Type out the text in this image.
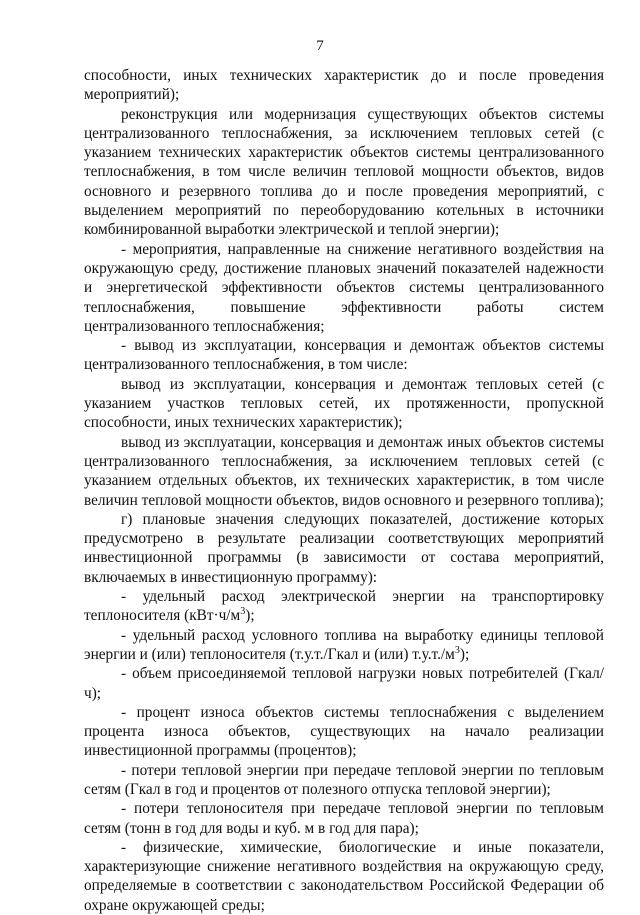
7

способности, иных технических характеристик до и после проведения мероприятий);

реконструкция или модернизация существующих объектов системы централизованного теплоснабжения, за исключением тепловых сетей (с указанием технических характеристик объектов системы централизованного теплоснабжения, в том числе величин тепловой мощности объектов, видов основного и резервного топлива до и после проведения мероприятий, с выделением мероприятий по переоборудованию котельных в источники комбинированной выработки электрической и теплой энергии);

- мероприятия, направленные на снижение негативного воздействия на окружающую среду, достижение плановых значений показателей надежности и энергетической эффективности объектов системы централизованного теплоснабжения, повышение эффективности работы систем централизованного теплоснабжения;

- вывод из эксплуатации, консервация и демонтаж объектов системы централизованного теплоснабжения, в том числе:

вывод из эксплуатации, консервация и демонтаж тепловых сетей (с указанием участков тепловых сетей, их протяженности, пропускной способности, иных технических характеристик);

вывод из эксплуатации, консервация и демонтаж иных объектов системы централизованного теплоснабжения, за исключением тепловых сетей (с указанием отдельных объектов, их технических характеристик, в том числе величин тепловой мощности объектов, видов основного и резервного топлива);

г) плановые значения следующих показателей, достижение которых предусмотрено в результате реализации соответствующих мероприятий инвестиционной программы (в зависимости от состава мероприятий, включаемых в инвестиционную программу):

- удельный расход электрической энергии на транспортировку теплоносителя $(кВт\cdot ч/м^3)$;

- удельный расход условного топлива на выработку единицы тепловой энергии и (или) теплоносителя (т.у.т./Гкал и (или) $т.у.т./м^3$);

- объем присоединяемой тепловой нагрузки новых потребителей (Гкал/ч);

- процент износа объектов системы теплоснабжения с выделением процента износа объектов, существующих на начало реализации инвестиционной программы (процентов);

- потери тепловой энергии при передаче тепловой энергии по тепловым сетям (Гкал в год и процентов от полезного отпуска тепловой энергии);

- потери теплоносителя при передаче тепловой энергии по тепловым сетям (тонн в год для воды и куб. м в год для пара);

- физические, химические, биологические и иные показатели, характеризующие снижение негативного воздействия на окружающую среду, определяемые в соответствии с законодательством Российской Федерации об охране окружающей среды;
